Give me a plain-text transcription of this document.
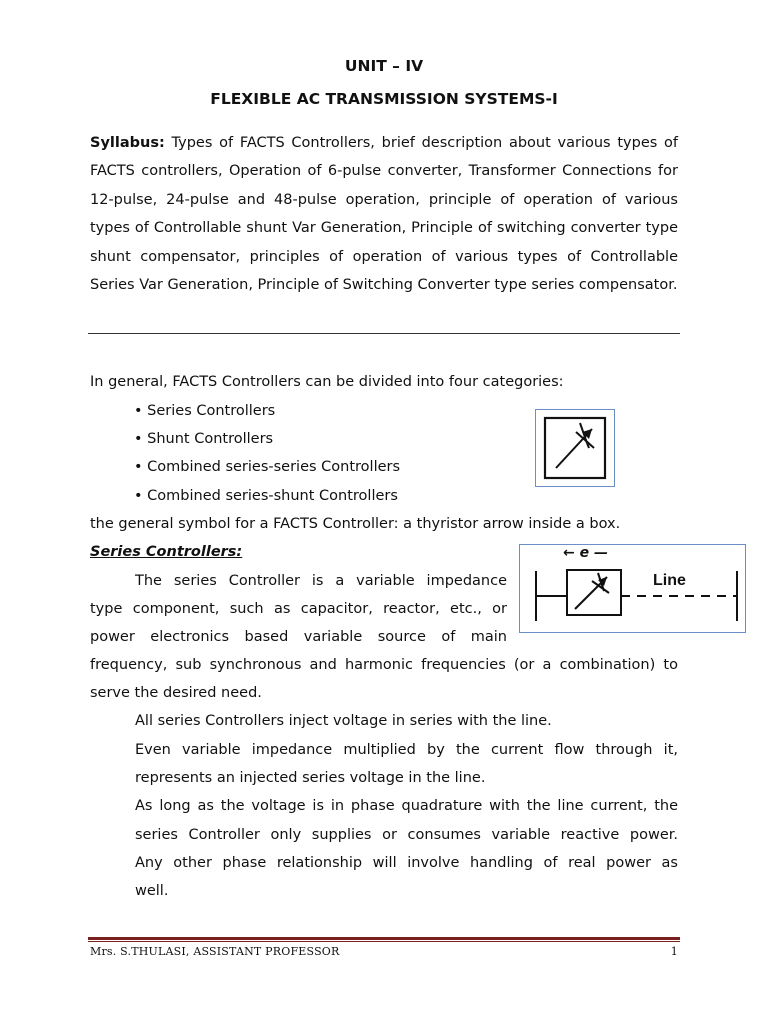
UNIT – IV
FLEXIBLE AC TRANSMISSION SYSTEMS-I
Syllabus: Types of FACTS Controllers, brief description about various types of FACTS controllers, Operation of 6-pulse converter, Transformer Connections for 12-pulse, 24-pulse and 48-pulse operation, principle of operation of various types of Controllable shunt Var Generation, Principle of switching converter type shunt compensator, principles of operation of various types of Controllable Series Var Generation, Principle of Switching Converter type series compensator.
In general, FACTS Controllers can be divided into four categories:
• Series Controllers
• Shunt Controllers
• Combined series-series Controllers
• Combined series-shunt Controllers
the general symbol for a FACTS Controller: a thyristor arrow inside a box.
Series Controllers:
The series Controller is a variable impedance
type component, such as capacitor, reactor, etc., or
power electronics based variable source of main
frequency, sub synchronous and harmonic frequencies (or a combination) to
serve the desired need.
← e —
Line
All series Controllers inject voltage in series with the line.
Even variable impedance multiplied by the current flow through it,
represents an injected series voltage in the line.
As long as the voltage is in phase quadrature with the line current, the
series Controller only supplies or consumes variable reactive power.
Any other phase relationship will involve handling of real power as
well.
Mrs. S.THULASI, ASSISTANT PROFESSOR	1
